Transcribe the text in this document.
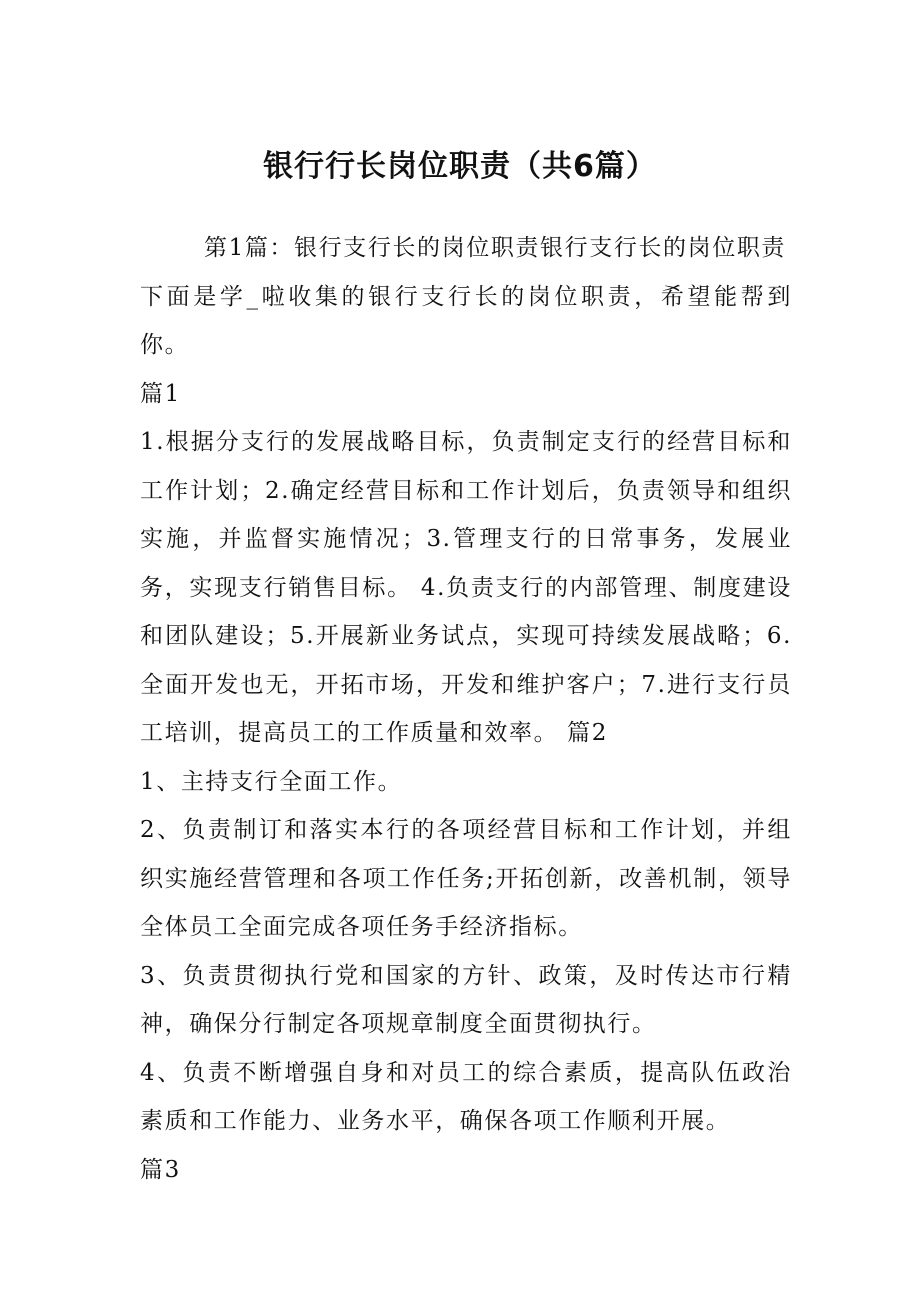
银行行长岗位职责（共6篇）

第1篇：银行支行长的岗位职责银行支行长的岗位职责

下面是学_啦收集的银行支行长的岗位职责，希望能帮到你。

篇1

1.根据分支行的发展战略目标，负责制定支行的经营目标和工作计划；2.确定经营目标和工作计划后，负责领导和组织实施，并监督实施情况；3.管理支行的日常事务，发展业务，实现支行销售目标。 4.负责支行的内部管理、制度建设和团队建设；5.开展新业务试点，实现可持续发展战略；6.全面开发也无，开拓市场，开发和维护客户；7.进行支行员工培训，提高员工的工作质量和效率。 篇2

1、主持支行全面工作。

2、负责制订和落实本行的各项经营目标和工作计划，并组织实施经营管理和各项工作任务;开拓创新，改善机制，领导全体员工全面完成各项任务手经济指标。

3、负责贯彻执行党和国家的方针、政策，及时传达市行精神，确保分行制定各项规章制度全面贯彻执行。

4、负责不断增强自身和对员工的综合素质，提高队伍政治素质和工作能力、业务水平，确保各项工作顺利开展。

篇3
